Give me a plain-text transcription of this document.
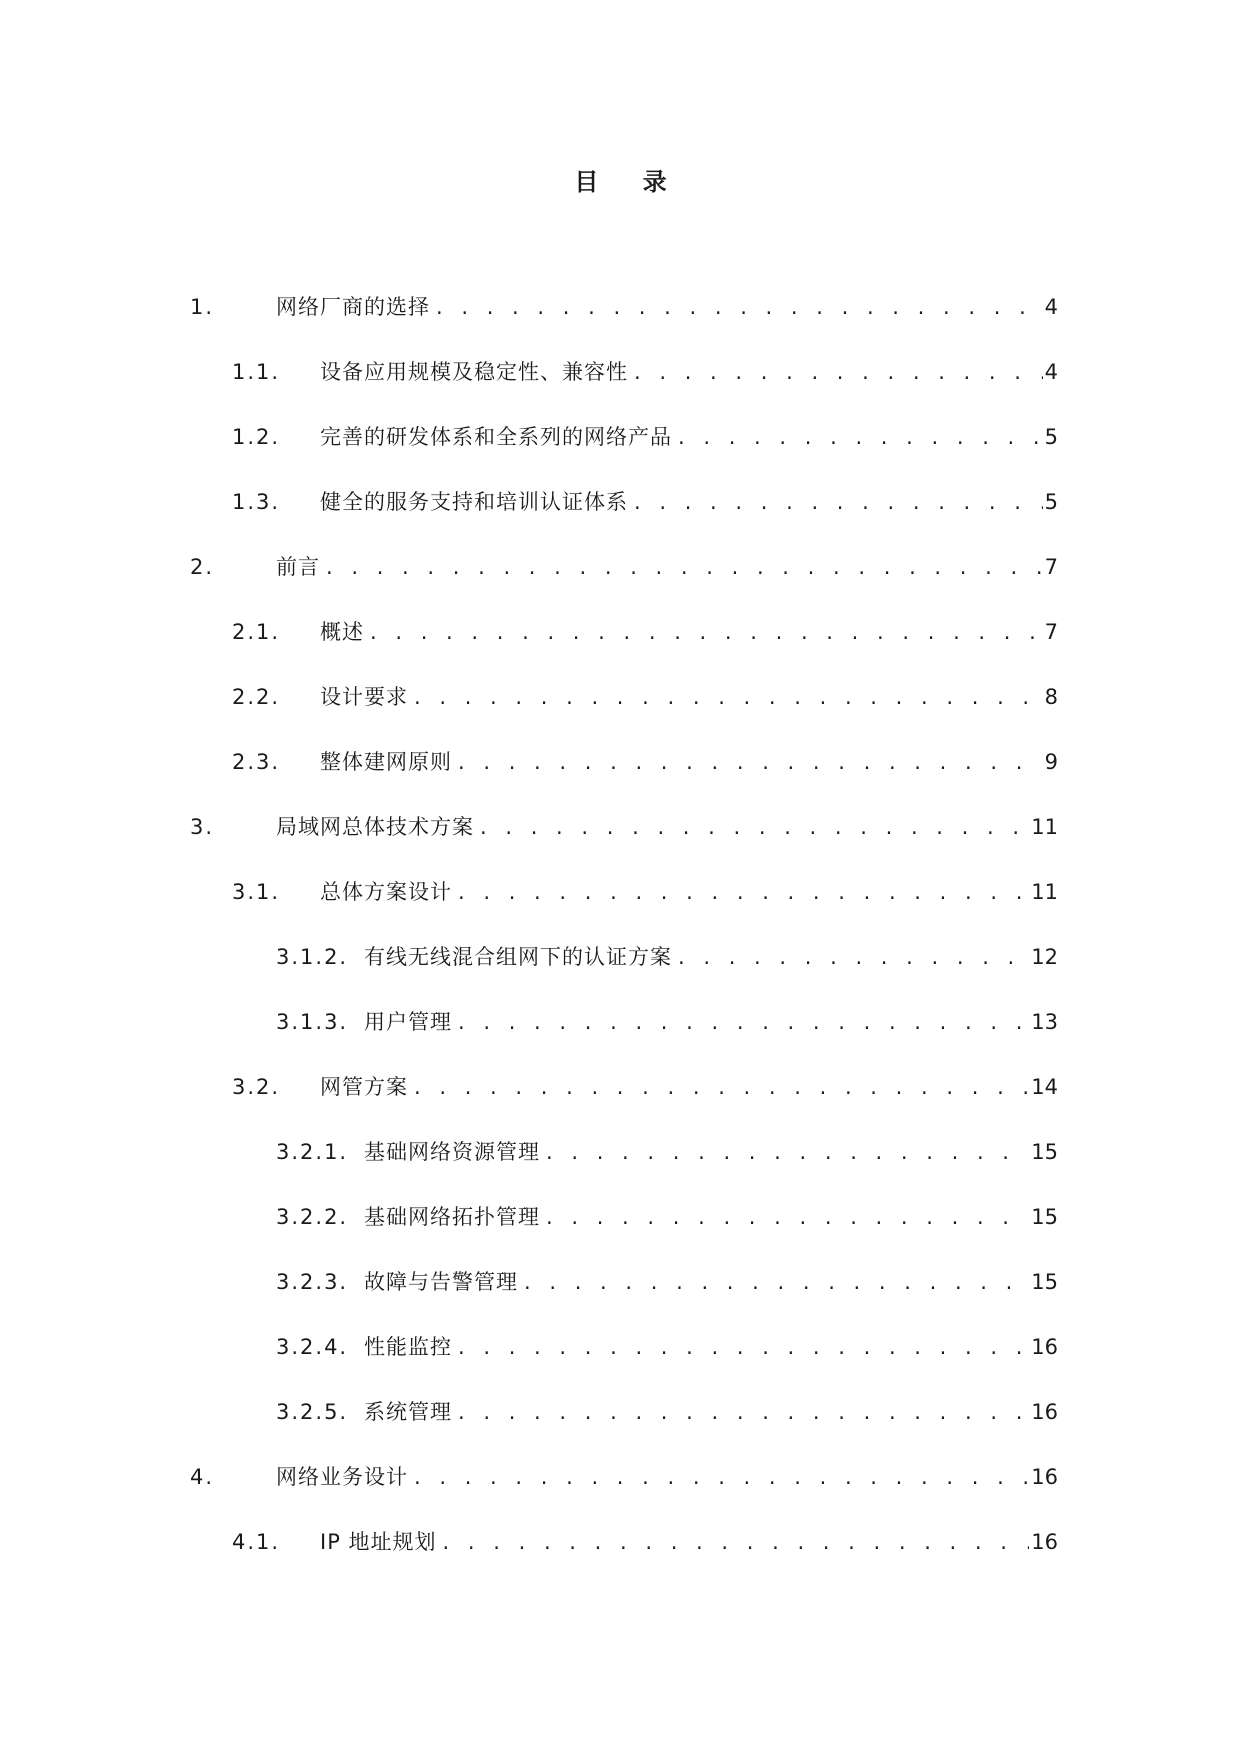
目 录
1.	网络厂商的选择 . . .	4
1.1. 设备应用规模及稳定性、兼容性 . . .	4
1.2. 完善的研发体系和全系列的网络产品 . . .	5
1.3. 健全的服务支持和培训认证体系 . . .	5
2.	前言 . . .	7
2.1. 概述 . . .	7
2.2. 设计要求 . . .	8
2.3. 整体建网原则 . . .	9
3.	局域网总体技术方案 . . .	11
3.1. 总体方案设计 . . .	11
3.1.2. 有线无线混合组网下的认证方案 . . .	12
3.1.3. 用户管理 . . .	13
3.2. 网管方案 . . .	14
3.2.1. 基础网络资源管理 . . .	15
3.2.2. 基础网络拓扑管理 . . .	15
3.2.3. 故障与告警管理 . . .	15
3.2.4. 性能监控 . . .	16
3.2.5. 系统管理 . . .	16
4.	网络业务设计 . . .	16
4.1. IP 地址规划 . . .	16
